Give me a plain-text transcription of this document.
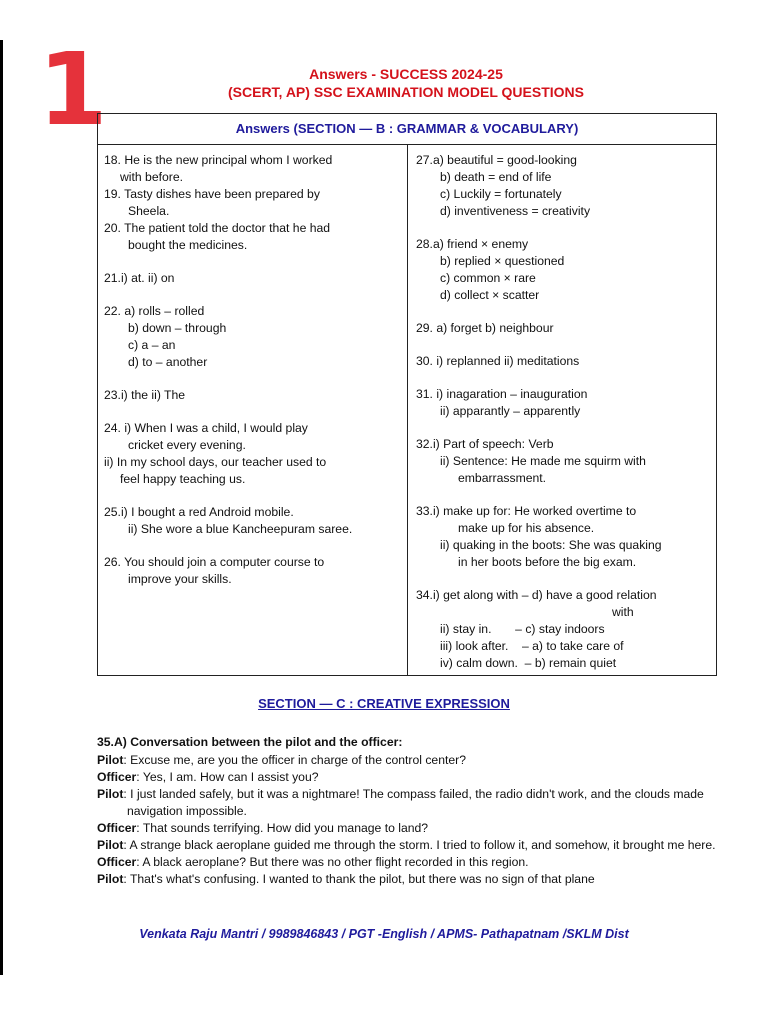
1	Answers - SUCCESS 2024-25
(SCERT, AP) SSC EXAMINATION MODEL QUESTIONS
Answers (SECTION — B : GRAMMAR & VOCABULARY)
18. He is the new principal whom I worked
with before.
19. Tasty dishes have been prepared by
Sheela.
20. The patient told the doctor that he had
bought the medicines.
21.i) at. ii) on
22. a) rolls – rolled
b) down – through
c) a – an
d) to – another
23.i) the ii) The
24. i) When I was a child, I would play
cricket every evening.
ii) In my school days, our teacher used to
feel happy teaching us.
25.i) I bought a red Android mobile.
ii) She wore a blue Kancheepuram saree.
26. You should join a computer course to
improve your skills.
27.a) beautiful = good-looking
b) death = end of life
c) Luckily = fortunately
d) inventiveness = creativity
28.a) friend × enemy
b) replied × questioned
c) common × rare
d) collect × scatter
29. a) forget b) neighbour
30. i) replanned ii) meditations
31. i) inagaration – inauguration
ii) apparantly – apparently
32.i) Part of speech: Verb
ii) Sentence: He made me squirm with
embarrassment.
33.i) make up for: He worked overtime to
make up for his absence.
ii) quaking in the boots: She was quaking
in her boots before the big exam.
34.i) get along with – d) have a good relation
with
ii) stay in.       – c) stay indoors
iii) look after.    – a) to take care of
iv) calm down.  – b) remain quiet
SECTION — C : CREATIVE EXPRESSION
35.A) Conversation between the pilot and the officer:
Pilot: Excuse me, are you the officer in charge of the control center?
Officer: Yes, I am. How can I assist you?
Pilot: I just landed safely, but it was a nightmare! The compass failed, the radio didn't work, and the clouds made navigation impossible.
Officer: That sounds terrifying. How did you manage to land?
Pilot: A strange black aeroplane guided me through the storm. I tried to follow it, and somehow, it brought me here.
Officer: A black aeroplane? But there was no other flight recorded in this region.
Pilot: That's what's confusing. I wanted to thank the pilot, but there was no sign of that plane
Venkata Raju Mantri / 9989846843 / PGT -English / APMS- Pathapatnam /SKLM Dist
